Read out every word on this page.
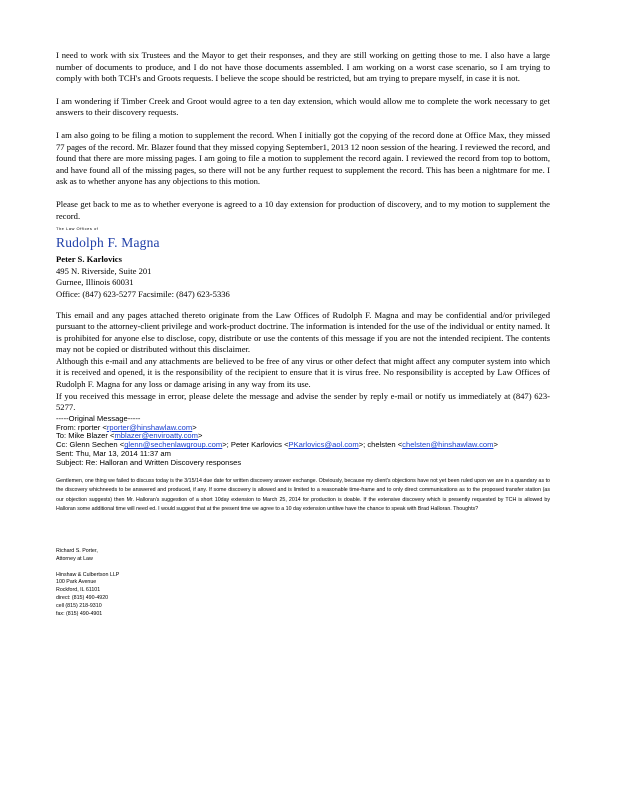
I need to work with six Trustees and the Mayor to get their responses, and they are still working on getting those to me. I also have a large number of documents to produce, and I do not have those documents assembled. I am working on a worst case scenario, so I am trying to comply with both TCH's and Groots requests. I believe the scope should be restricted, but am trying to prepare myself, in case it is not.

I am wondering if Timber Creek and Groot would agree to a ten day extension, which would allow me to complete the work necessary to get answers to their discovery requests.

I am also going to be filing a motion to supplement the record. When I initially got the copying of the record done at Office Max, they missed 77 pages of the record. Mr. Blazer found that they missed copying September1, 2013 12 noon session of the hearing. I reviewed the record, and found that there are more missing pages. I am going to file a motion to supplement the record again. I reviewed the record from top to bottom, and have found all of the missing pages, so there will not be any further request to supplement the record. This has been a nightmare for me. I ask as to whether anyone has any objections to this motion.

Please get back to me as to whether everyone is agreed to a 10 day extension for production of discovery, and to my motion to supplement the record.

The Law Offices of
Rudolph F. Magna
Peter S. Karlovics
495 N. Riverside, Suite 201
Gurnee, Illinois 60031
Office: (847) 623-5277 Facsimile: (847) 623-5336
This email and any pages attached thereto originate from the Law Offices of Rudolph F. Magna and may be confidential and/or privileged pursuant to the attorney-client privilege and work-product doctrine. The information is intended for the use of the individual or entity named. It is prohibited for anyone else to disclose, copy, distribute or use the contents of this message if you are not the intended recipient. The contents may not be copied or distributed without this disclaimer.
Although this e-mail and any attachments are believed to be free of any virus or other defect that might affect any computer system into which it is received and opened, it is the responsibility of the recipient to ensure that it is virus free. No responsibility is accepted by Law Offices of Rudolph F. Magna for any loss or damage arising in any way from its use.
If you received this message in error, please delete the message and advise the sender by reply e-mail or notify us immediately at (847) 623-5277.
-----Original Message-----
From: rporter <rporter@hinshawlaw.com>
To: Mike Blazer <mblazer@enviroatty.com>
Cc: Glenn Sechen <glenn@sechenlawgroup.com>; Peter Karlovics <PKarlovics@aol.com>; chelsten <chelsten@hinshawlaw.com>
Sent: Thu, Mar 13, 2014 11:37 am
Subject: Re: Halloran and Written Discovery responses
Gentlemen, one thing we failed to discuss today is the 3/15/14 due date for written discovery answer exchange. Obviously, because my client's objections have not yet been ruled upon we are in a quandary as to the discovery whichneeds to be answered and produced, if any. If some discovery is allowed and is limited to a reasonable time-frame and to only direct communications as to the proposed transfer station (as our objection suggests) then Mr. Halloran's suggestion of a short 10day extension to March 25, 2014 for production is doable. If the extensive discovery which is presently requested by TCH is allowed by Halloran some additional time will need ed. I would suggest that at the present time we agree to a 10 day extension untilwe have the chance to speak with Brad Halloran. Thoughts?
Richard S. Porter,
Attorney at Law
Hinshaw & Culbertson LLP
100 Park Avenue
Rockford, IL 61101
direct: (815) 490-4920
cell (815) 218-9310
fax: (815) 490-4901
